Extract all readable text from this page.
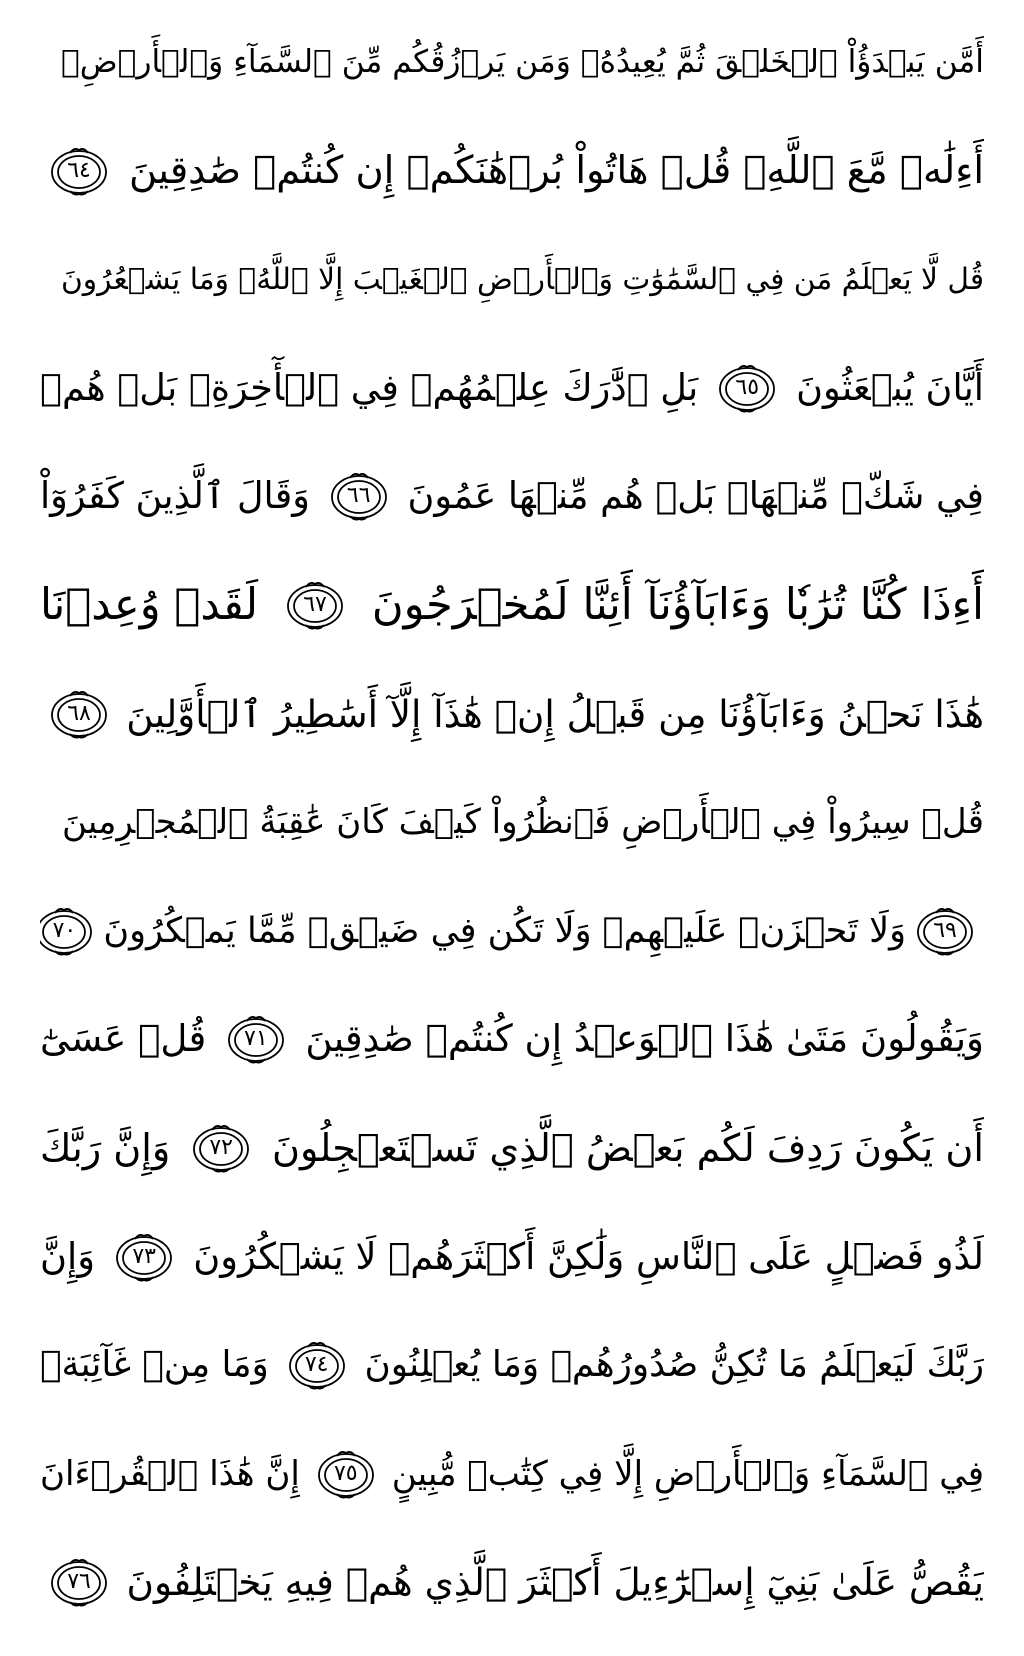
أَمَّن يَبۡدَؤُاْ ٱلۡخَلۡقَ ثُمَّ يُعِيدُهُۥ وَمَن يَرۡزُقُكُم مِّنَ ٱلسَّمَآءِ وَٱلۡأَرۡضِۗ
أَءِلَٰهٞ مَّعَ ٱللَّهِۚ قُلۡ هَاتُواْ بُرۡهَٰنَكُمۡ إِن كُنتُمۡ صَٰدِقِينَ
٦٤
قُل لَّا يَعۡلَمُ مَن فِي ٱلسَّمَٰوَٰتِ وَٱلۡأَرۡضِ ٱلۡغَيۡبَ إِلَّا ٱللَّهُۚ وَمَا يَشۡعُرُونَ
أَيَّانَ يُبۡعَثُونَ
٦٥
بَلِ ٱدَّٰرَكَ عِلۡمُهُمۡ فِي ٱلۡأٓخِرَةِۚ بَلۡ هُمۡ
فِي شَكّٖ مِّنۡهَاۖ بَلۡ هُم مِّنۡهَا عَمُونَ
٦٦
وَقَالَ ٱلَّذِينَ كَفَرُوٓاْ
أَءِذَا كُنَّا تُرَٰبٗا وَءَابَآؤُنَآ أَئِنَّا لَمُخۡرَجُونَ
٦٧
لَقَدۡ وُعِدۡنَا
هَٰذَا نَحۡنُ وَءَابَآؤُنَا مِن قَبۡلُ إِنۡ هَٰذَآ إِلَّآ أَسَٰطِيرُ ٱلۡأَوَّلِينَ
٦٨
قُلۡ سِيرُواْ فِي ٱلۡأَرۡضِ فَٱنظُرُواْ كَيۡفَ كَانَ عَٰقِبَةُ ٱلۡمُجۡرِمِينَ
٦٩
وَلَا تَحۡزَنۡ عَلَيۡهِمۡ وَلَا تَكُن فِي ضَيۡقٖ مِّمَّا يَمۡكُرُونَ
٧٠
وَيَقُولُونَ مَتَىٰ هَٰذَا ٱلۡوَعۡدُ إِن كُنتُمۡ صَٰدِقِينَ
٧١
قُلۡ عَسَىٰٓ
أَن يَكُونَ رَدِفَ لَكُم بَعۡضُ ٱلَّذِي تَسۡتَعۡجِلُونَ
٧٢
وَإِنَّ رَبَّكَ
لَذُو فَضۡلٍ عَلَى ٱلنَّاسِ وَلَٰكِنَّ أَكۡثَرَهُمۡ لَا يَشۡكُرُونَ
٧٣
وَإِنَّ
رَبَّكَ لَيَعۡلَمُ مَا تُكِنُّ صُدُورُهُمۡ وَمَا يُعۡلِنُونَ
٧٤
وَمَا مِنۡ غَآئِبَةٖ
فِي ٱلسَّمَآءِ وَٱلۡأَرۡضِ إِلَّا فِي كِتَٰبٖ مُّبِينٍ
٧٥
إِنَّ هَٰذَا ٱلۡقُرۡءَانَ
يَقُصُّ عَلَىٰ بَنِيٓ إِسۡرَٰٓءِيلَ أَكۡثَرَ ٱلَّذِي هُمۡ فِيهِ يَخۡتَلِفُونَ
٧٦
